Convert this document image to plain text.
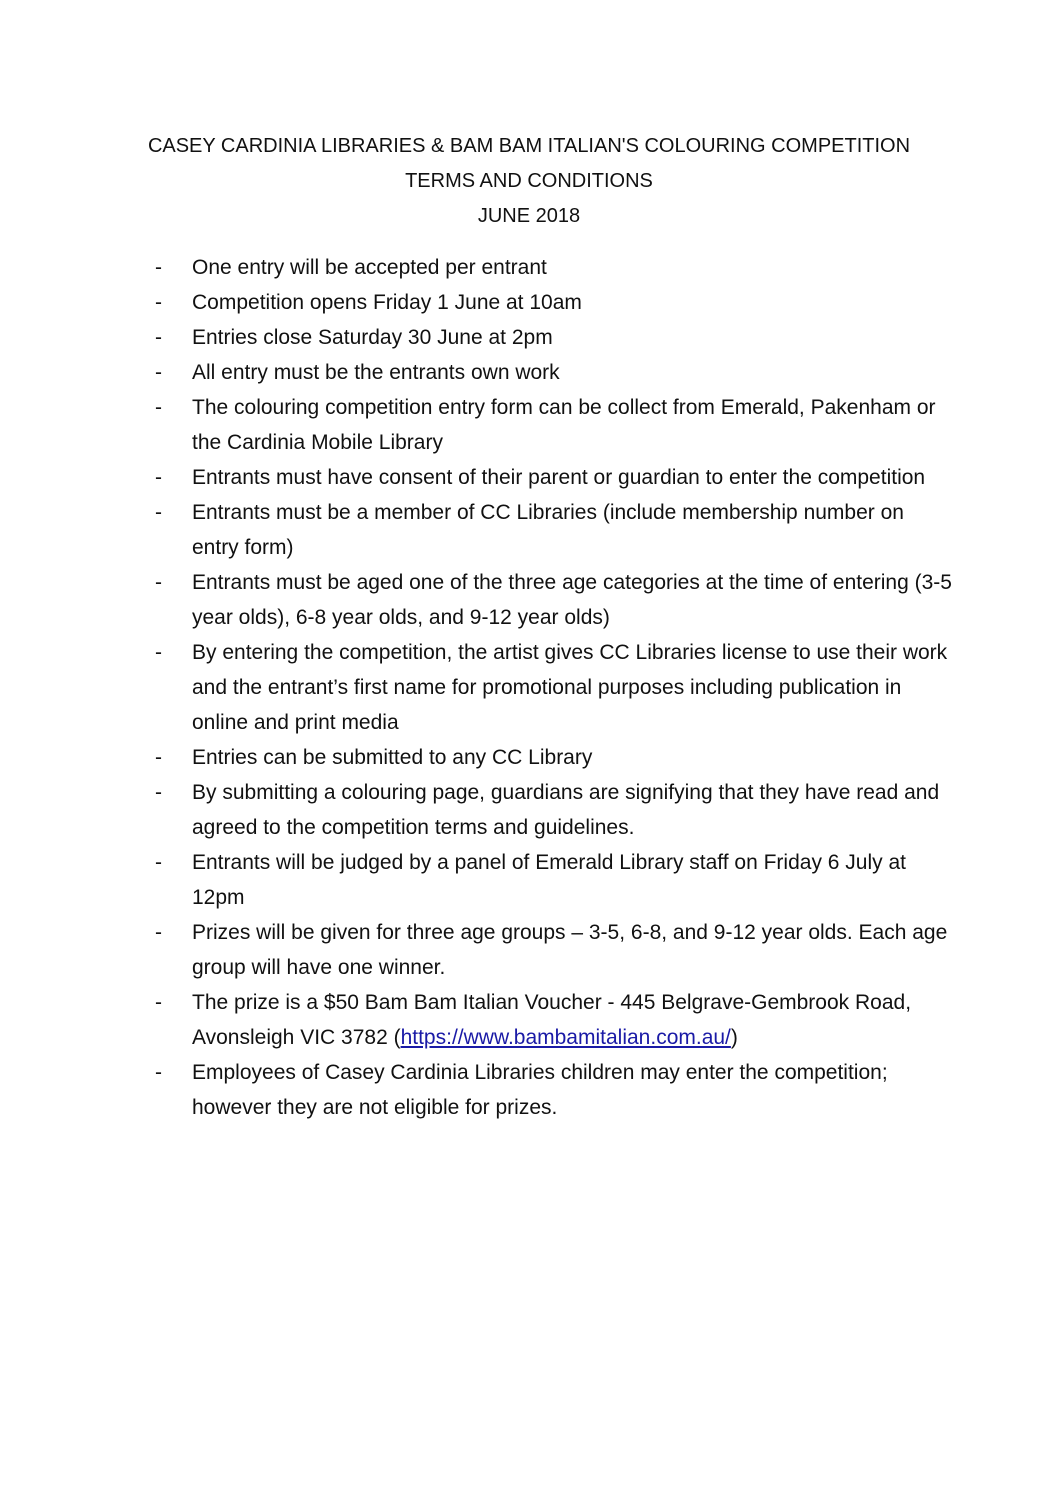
CASEY CARDINIA LIBRARIES & BAM BAM ITALIAN'S COLOURING COMPETITION
TERMS AND CONDITIONS
JUNE 2018
-	One entry will be accepted per entrant
-	Competition opens Friday 1 June at 10am
-	Entries close Saturday 30 June at 2pm
-	All entry must be the entrants own work
-	The colouring competition entry form can be collect from Emerald, Pakenham or the Cardinia Mobile Library
-	Entrants must have consent of their parent or guardian to enter the competition
-	Entrants must be a member of CC Libraries (include membership number on entry form)
-	Entrants must be aged one of the three age categories at the time of entering (3-5 year olds), 6-8 year olds, and 9-12 year olds)
-	By entering the competition, the artist gives CC Libraries license to use their work and the entrant’s first name for promotional purposes including publication in online and print media
-	Entries can be submitted to any CC Library
-	By submitting a colouring page, guardians are signifying that they have read and agreed to the competition terms and guidelines.
-	Entrants will be judged by a panel of Emerald Library staff on Friday 6 July at 12pm
-	Prizes will be given for three age groups – 3-5, 6-8, and 9-12 year olds. Each age group will have one winner.
-	The prize is a $50 Bam Bam Italian Voucher - 445 Belgrave-Gembrook Road, Avonsleigh VIC 3782 (https://www.bambamitalian.com.au/)
-	Employees of Casey Cardinia Libraries children may enter the competition; however they are not eligible for prizes.
